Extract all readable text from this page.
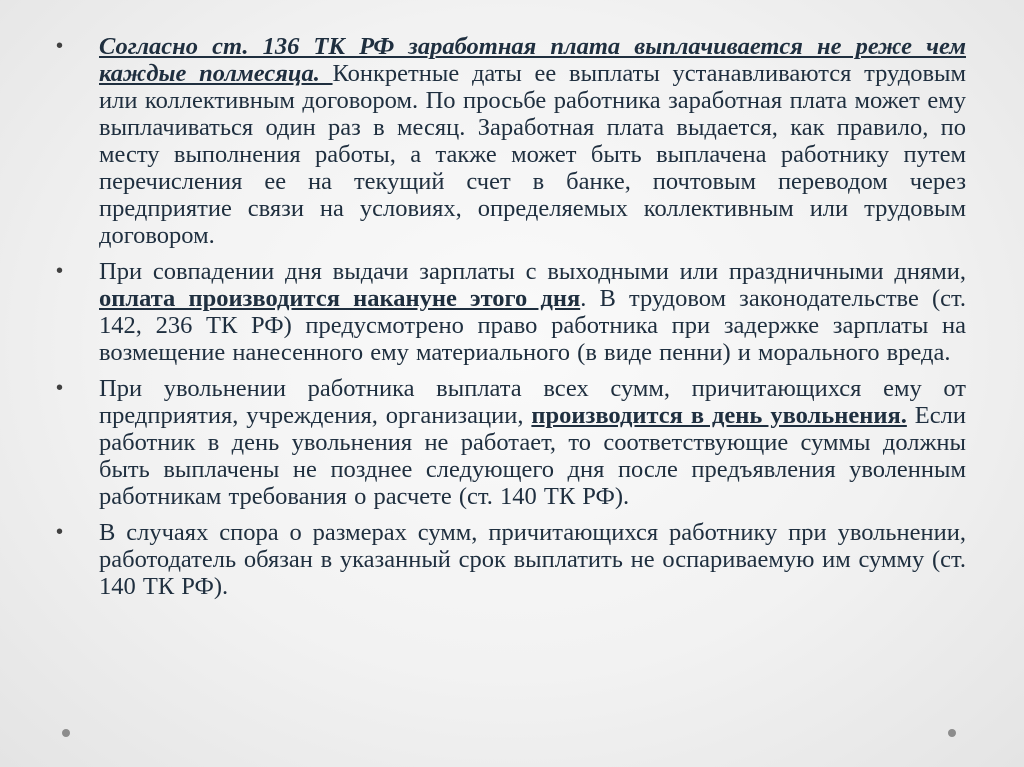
•	Согласно ст. 136 ТК РФ заработная плата выплачивается не реже чем каждые полмесяца. Конкретные даты ее выплаты устанавливаются трудовым или коллективным договором. По просьбе работника заработная плата может ему выплачиваться один раз в месяц. Заработная плата выдается, как правило, по месту выполнения работы, а также может быть выплачена работнику путем перечисления ее на текущий счет в банке, почтовым переводом через предприятие связи на условиях, определяемых коллективным или трудовым договором.
•	При совпадении дня выдачи зарплаты с выходными или праздничными днями, оплата производится накануне этого дня. В трудовом законодательстве (ст. 142, 236 ТК РФ) предусмотрено право работника при задержке зарплаты на возмещение нанесенного ему материального (в виде пенни) и морального вреда.
•	При увольнении работника выплата всех сумм, причитающихся ему от предприятия, учреждения, организации, производится в день увольнения. Если работник в день увольнения не работает, то соответствующие суммы должны быть выплачены не позднее следующего дня после предъявления уволенным работникам требования о расчете (ст. 140 ТК РФ).
•	В случаях спора о размерах сумм, причитающихся работнику при увольнении, работодатель обязан в указанный срок выплатить не оспариваемую им сумму (ст. 140 ТК РФ).
